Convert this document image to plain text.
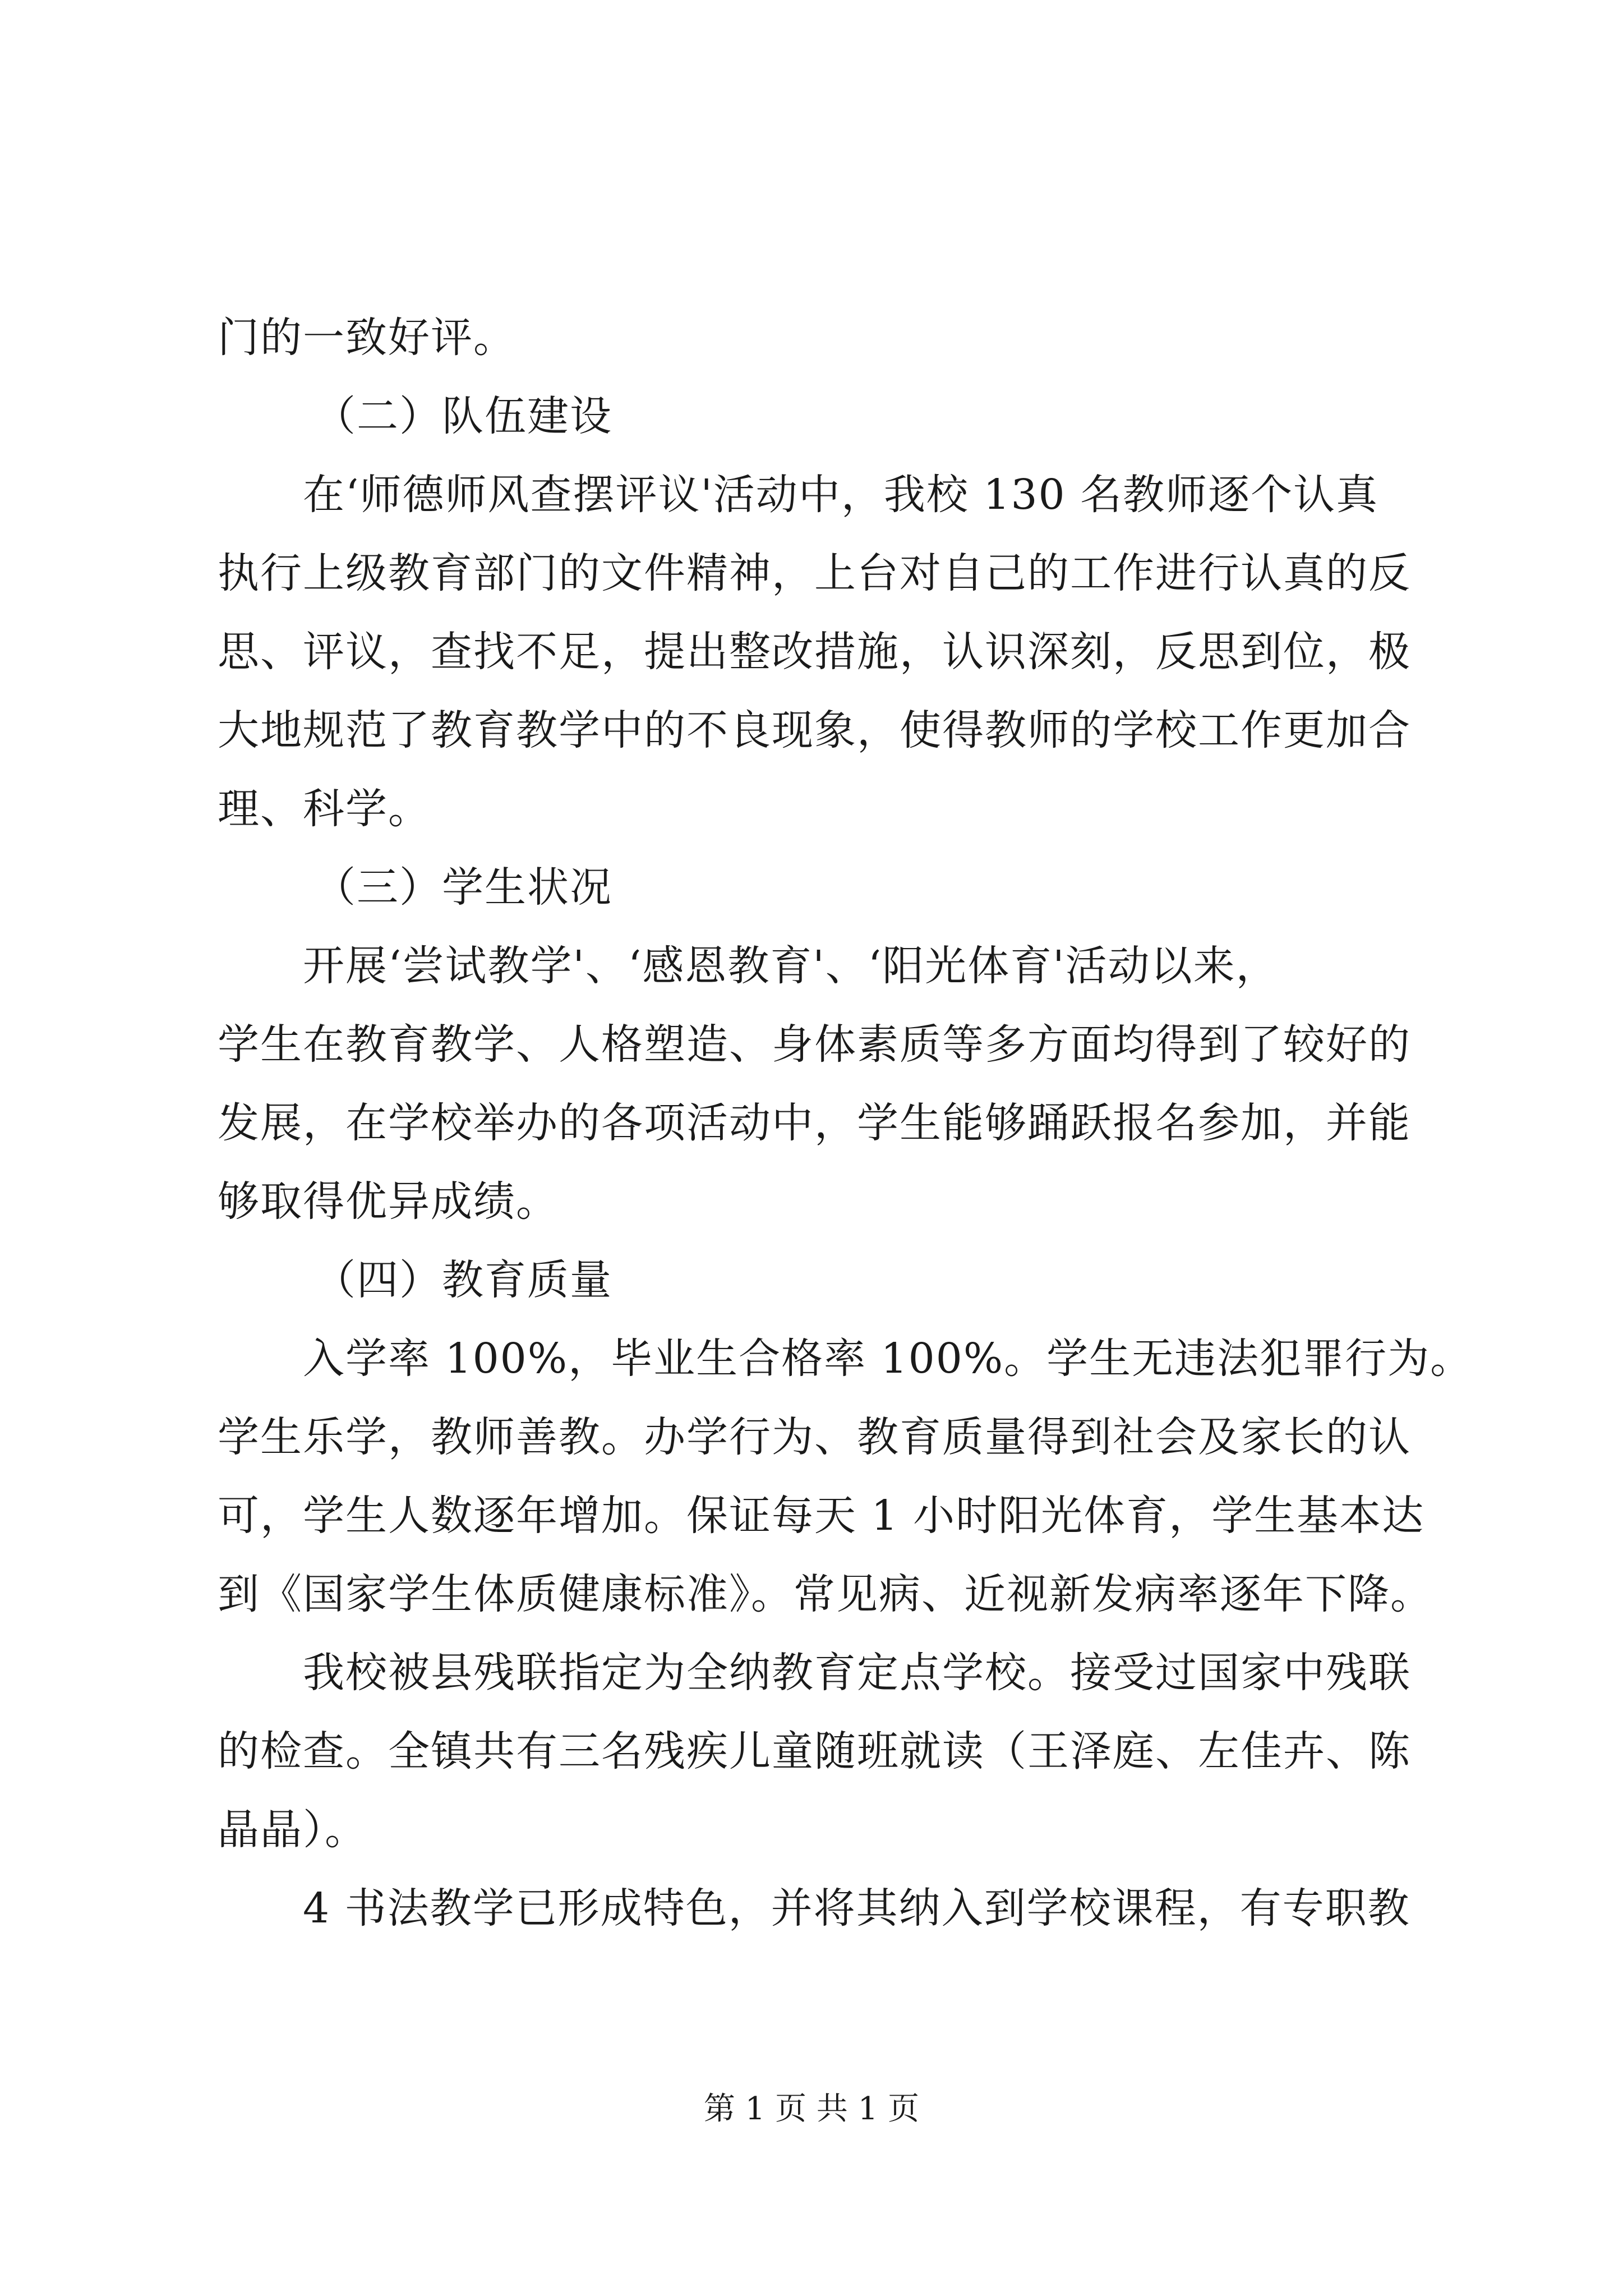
门的一致好评。
（二）队伍建设
在‘师德师风查摆评议'活动中，我校 130 名教师逐个认真
执行上级教育部门的文件精神，上台对自己的工作进行认真的反
思、评议，查找不足，提出整改措施，认识深刻，反思到位，极
大地规范了教育教学中的不良现象，使得教师的学校工作更加合
理、科学。
（三）学生状况
开展‘尝试教学'、‘感恩教育'、‘阳光体育'活动以来，
学生在教育教学、人格塑造、身体素质等多方面均得到了较好的
发展，在学校举办的各项活动中，学生能够踊跃报名参加，并能
够取得优异成绩。
（四）教育质量
入学率 100%，毕业生合格率 100%。学生无违法犯罪行为。
学生乐学，教师善教。办学行为、教育质量得到社会及家长的认
可，学生人数逐年增加。保证每天 1 小时阳光体育，学生基本达
到《国家学生体质健康标准》。常见病、近视新发病率逐年下降。
我校被县残联指定为全纳教育定点学校。接受过国家中残联
的检查。全镇共有三名残疾儿童随班就读（王泽庭、左佳卉、陈
晶晶）。
4 书法教学已形成特色，并将其纳入到学校课程，有专职教
第 1 页 共 1 页
